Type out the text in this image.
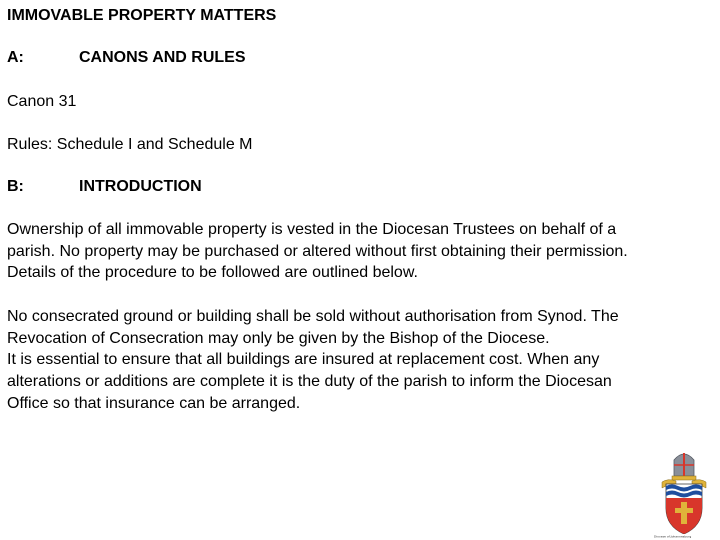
IMMOVABLE PROPERTY MATTERS
A:	CANONS AND RULES
Canon 31
Rules: Schedule I and Schedule M
B:	INTRODUCTION
Ownership of all immovable property is vested in the Diocesan Trustees on behalf of a
parish. No property may be purchased or altered without first obtaining their permission.
Details of the procedure to be followed are outlined below.
No consecrated ground or building shall be sold without authorisation from Synod. The
Revocation of Consecration may only be given by the Bishop of the Diocese.
It is essential to ensure that all buildings are insured at replacement cost. When any
alterations or additions are complete it is the duty of the parish to inform the Diocesan
Office so that insurance can be arranged.
Diocese of Johannesburg
